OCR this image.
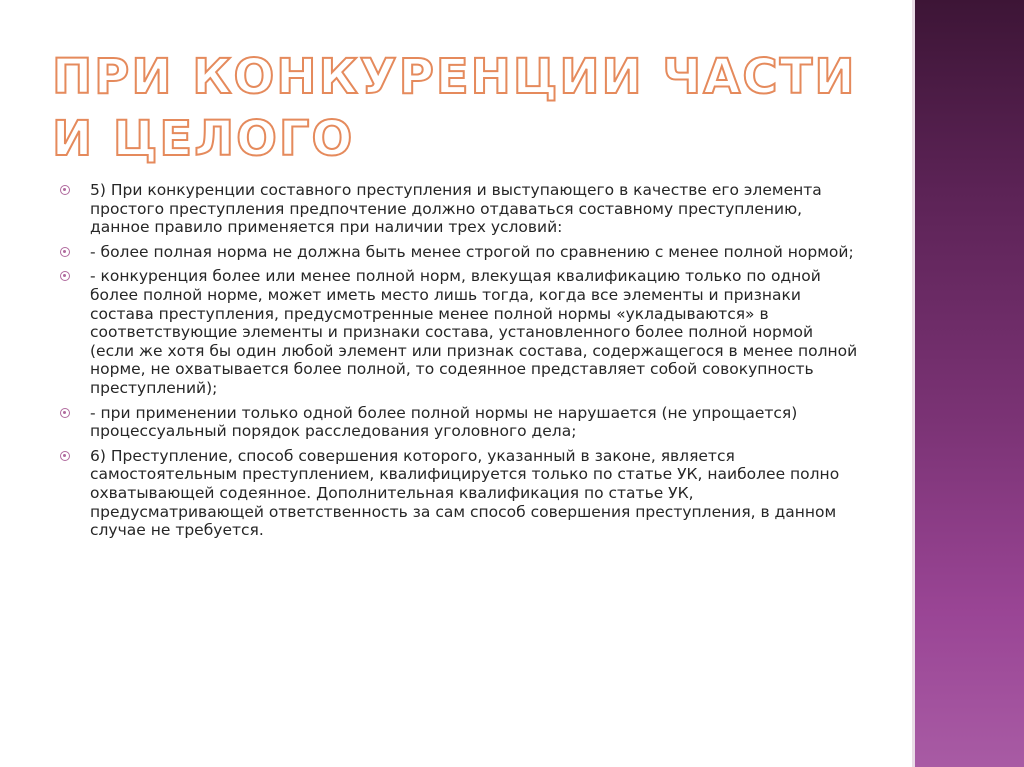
ПРИ КОНКУРЕНЦИИ ЧАСТИ И ЦЕЛОГО
5) При конкуренции составного преступления и выступающего в качестве его элемента простого преступления предпочтение должно отдаваться составному преступлению, данное правило применяется при наличии трех условий:
- более полная норма не должна быть менее строгой по сравнению с менее полной нормой;
- конкуренция более или менее полной норм, влекущая квалификацию только по одной более полной норме, может иметь место лишь тогда, когда все элементы и признаки состава преступления, предусмотренные менее полной нормы «укладываются» в соответствующие элементы и признаки состава, установленного более полной нормой (если же хотя бы один любой элемент или признак состава, содержащегося в менее полной норме, не охватывается более полной, то содеянное представляет собой совокупность преступлений);
- при применении только одной более полной нормы не нарушается (не упрощается) процессуальный порядок расследования уголовного дела;
6) Преступление, способ совершения которого, указанный в законе, является самостоятельным преступлением, квалифицируется только по статье УК, наиболее полно охватывающей содеянное. Дополнительная квалификация по статье УК, предусматривающей ответственность за сам способ совершения преступления, в данном случае не требуется.
